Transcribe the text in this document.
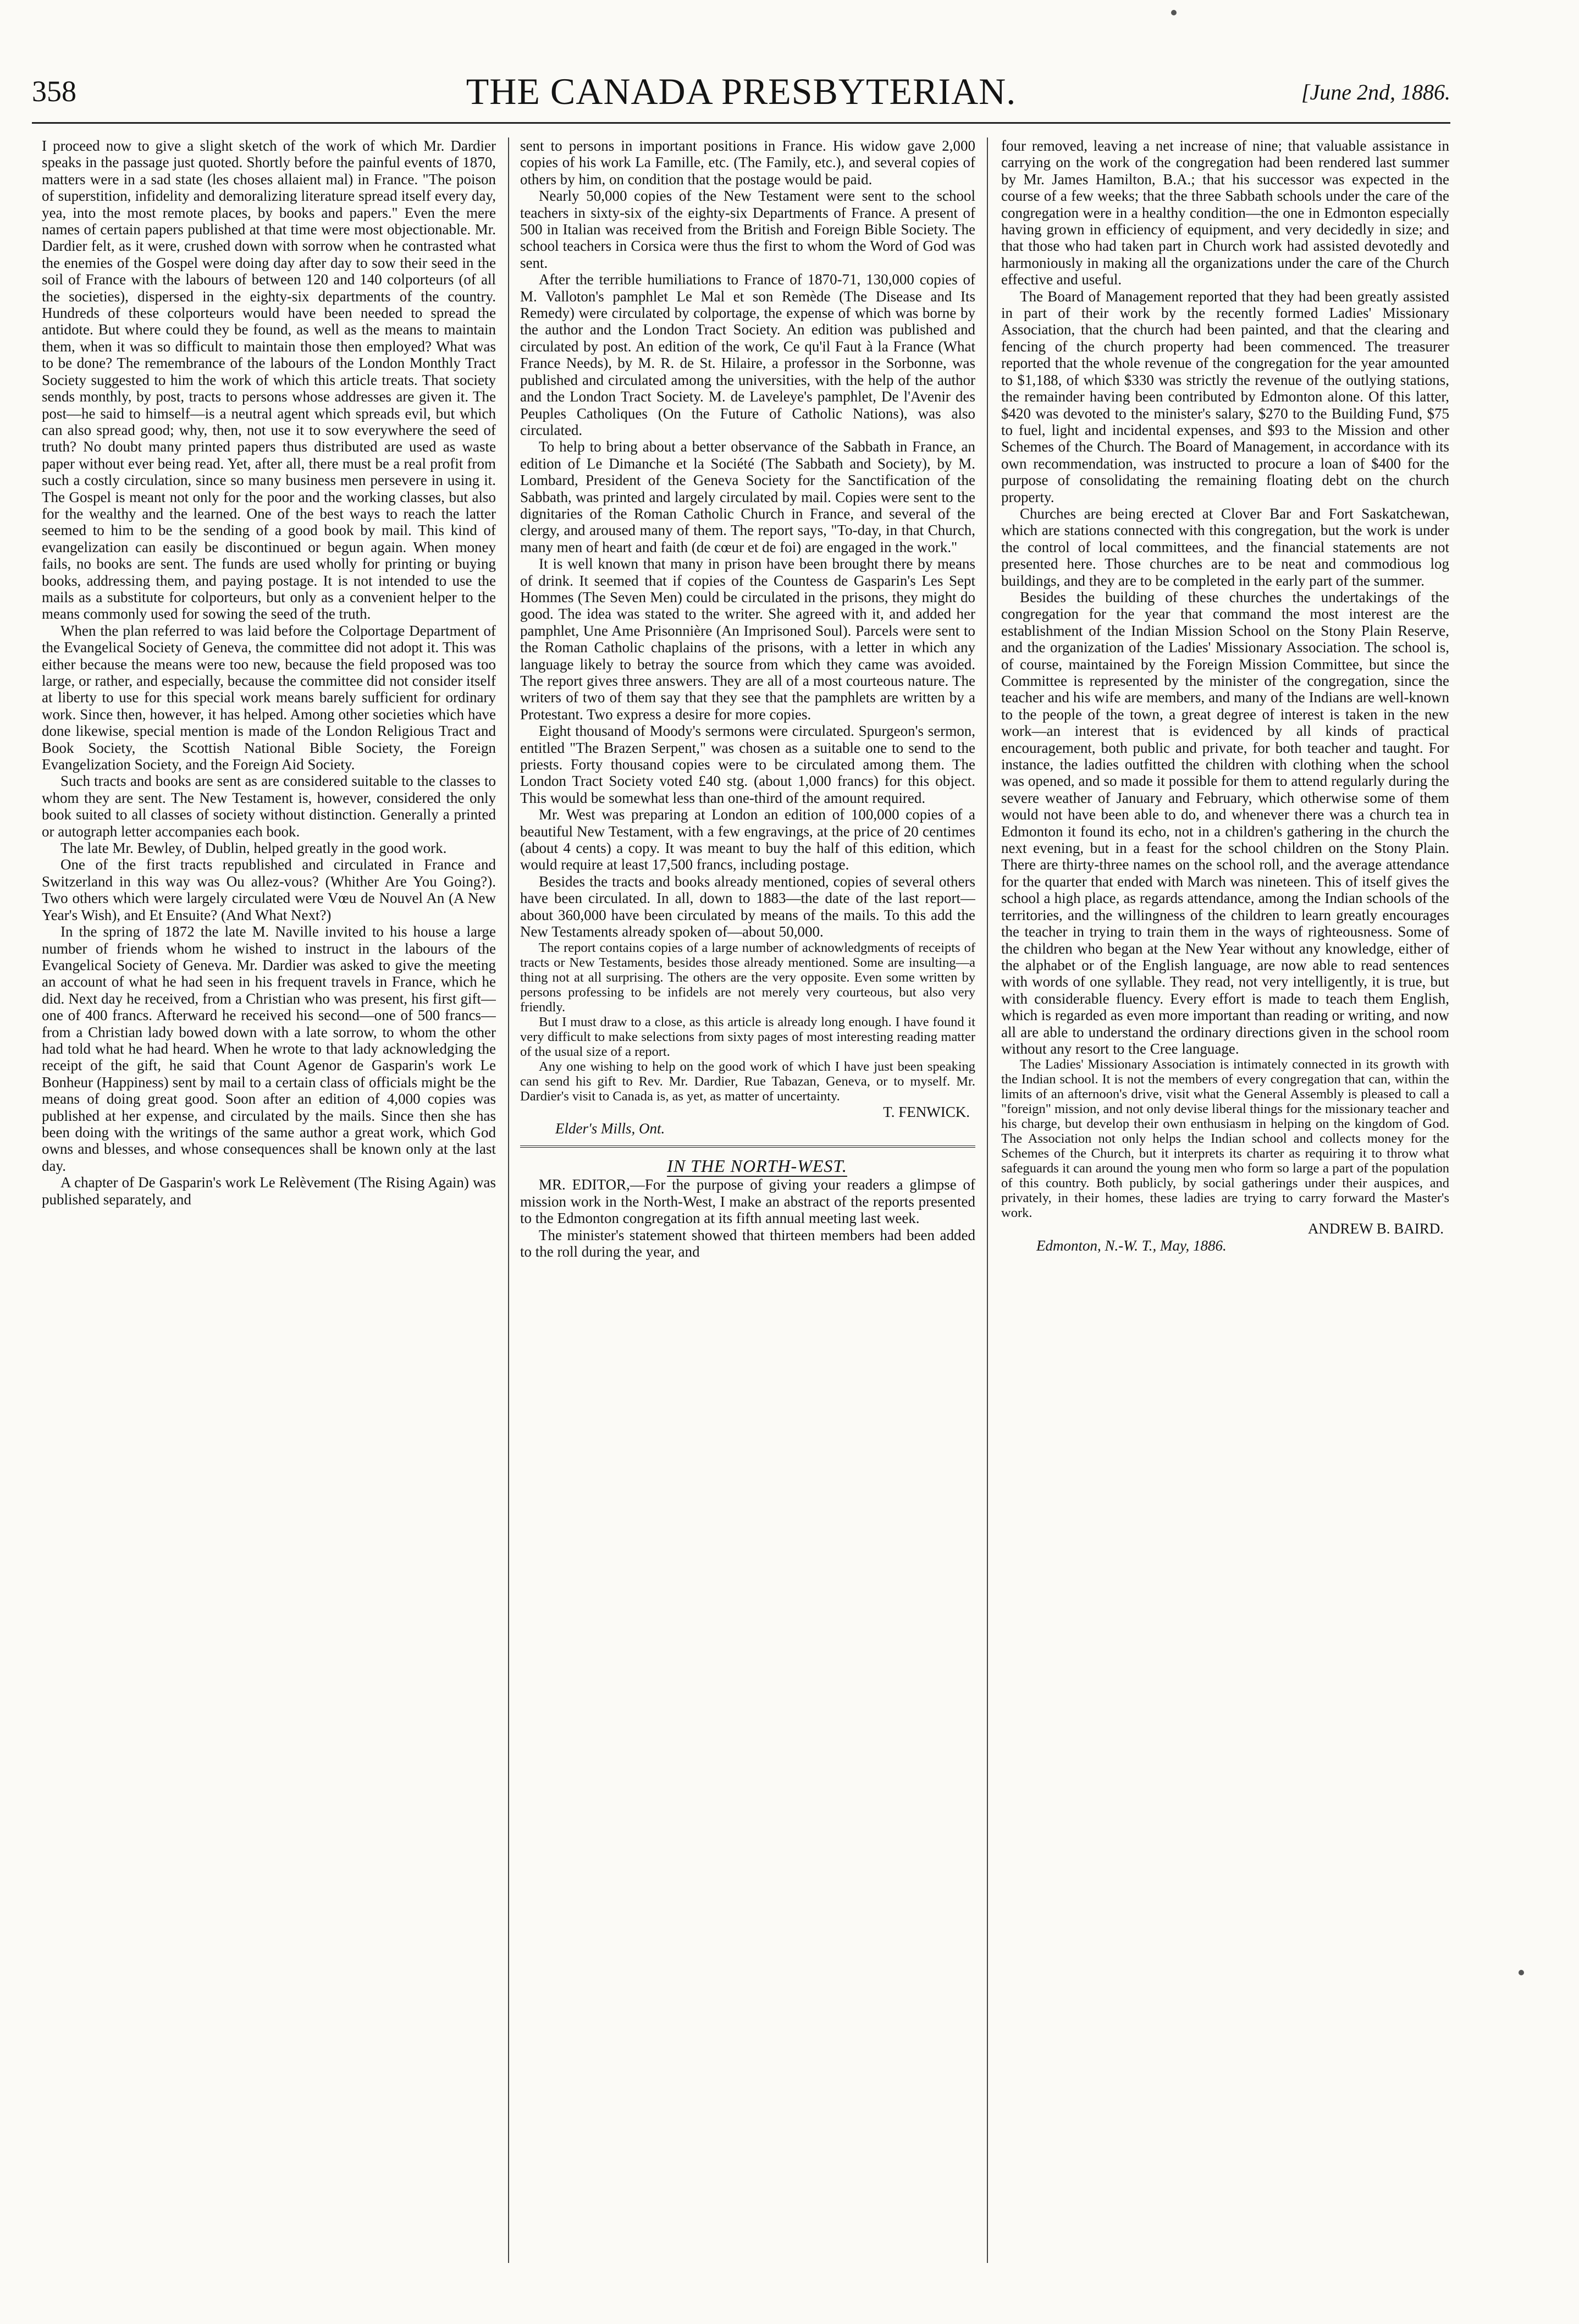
358	THE CANADA PRESBYTERIAN.	[June 2nd, 1886.

I proceed now to give a slight sketch of the work of which Mr. Dardier speaks in the passage just quoted. Shortly before the painful events of 1870, matters were in a sad state (les choses allaient mal) in France. "The poison of superstition, infidelity and demoralizing literature spread itself every day, yea, into the most remote places, by books and papers." Even the mere names of certain papers published at that time were most objectionable. Mr. Dardier felt, as it were, crushed down with sorrow when he contrasted what the enemies of the Gospel were doing day after day to sow their seed in the soil of France with the labours of between 120 and 140 colporteurs (of all the societies), dispersed in the eighty-six departments of the country. Hundreds of these colporteurs would have been needed to spread the antidote. But where could they be found, as well as the means to maintain them, when it was so difficult to maintain those then employed? What was to be done? The remembrance of the labours of the London Monthly Tract Society suggested to him the work of which this article treats. That society sends monthly, by post, tracts to persons whose addresses are given it. The post—he said to himself—is a neutral agent which spreads evil, but which can also spread good; why, then, not use it to sow everywhere the seed of truth? No doubt many printed papers thus distributed are used as waste paper without ever being read. Yet, after all, there must be a real profit from such a costly circulation, since so many business men persevere in using it. The Gospel is meant not only for the poor and the working classes, but also for the wealthy and the learned. One of the best ways to reach the latter seemed to him to be the sending of a good book by mail. This kind of evangelization can easily be discontinued or begun again. When money fails, no books are sent. The funds are used wholly for printing or buying books, addressing them, and paying postage. It is not intended to use the mails as a substitute for colporteurs, but only as a convenient helper to the means commonly used for sowing the seed of the truth.

When the plan referred to was laid before the Colportage Department of the Evangelical Society of Geneva, the committee did not adopt it. This was either because the means were too new, because the field proposed was too large, or rather, and especially, because the committee did not consider itself at liberty to use for this special work means barely sufficient for ordinary work. Since then, however, it has helped. Among other societies which have done likewise, special mention is made of the London Religious Tract and Book Society, the Scottish National Bible Society, the Foreign Evangelization Society, and the Foreign Aid Society.

Such tracts and books are sent as are considered suitable to the classes to whom they are sent. The New Testament is, however, considered the only book suited to all classes of society without distinction. Generally a printed or autograph letter accompanies each book.

The late Mr. Bewley, of Dublin, helped greatly in the good work.

One of the first tracts republished and circulated in France and Switzerland in this way was Ou allez-vous? (Whither Are You Going?). Two others which were largely circulated were Vœu de Nouvel An (A New Year's Wish), and Et Ensuite? (And What Next?)

In the spring of 1872 the late M. Naville invited to his house a large number of friends whom he wished to instruct in the labours of the Evangelical Society of Geneva. Mr. Dardier was asked to give the meeting an account of what he had seen in his frequent travels in France, which he did. Next day he received, from a Christian who was present, his first gift—one of 400 francs. Afterward he received his second—one of 500 francs—from a Christian lady bowed down with a late sorrow, to whom the other had told what he had heard. When he wrote to that lady acknowledging the receipt of the gift, he said that Count Agenor de Gasparin's work Le Bonheur (Happiness) sent by mail to a certain class of officials might be the means of doing great good. Soon after an edition of 4,000 copies was published at her expense, and circulated by the mails. Since then she has been doing with the writings of the same author a great work, which God owns and blesses, and whose consequences shall be known only at the last day.

A chapter of De Gasparin's work Le Relèvement (The Rising Again) was published separately, and

sent to persons in important positions in France. His widow gave 2,000 copies of his work La Famille, etc. (The Family, etc.), and several copies of others by him, on condition that the postage would be paid.

Nearly 50,000 copies of the New Testament were sent to the school teachers in sixty-six of the eighty-six Departments of France. A present of 500 in Italian was received from the British and Foreign Bible Society. The school teachers in Corsica were thus the first to whom the Word of God was sent.

After the terrible humiliations to France of 1870-71, 130,000 copies of M. Valloton's pamphlet Le Mal et son Remède (The Disease and Its Remedy) were circulated by colportage, the expense of which was borne by the author and the London Tract Society. An edition was published and circulated by post. An edition of the work, Ce qu'il Faut à la France (What France Needs), by M. R. de St. Hilaire, a professor in the Sorbonne, was published and circulated among the universities, with the help of the author and the London Tract Society. M. de Laveleye's pamphlet, De l'Avenir des Peuples Catholiques (On the Future of Catholic Nations), was also circulated.

To help to bring about a better observance of the Sabbath in France, an edition of Le Dimanche et la Société (The Sabbath and Society), by M. Lombard, President of the Geneva Society for the Sanctification of the Sabbath, was printed and largely circulated by mail. Copies were sent to the dignitaries of the Roman Catholic Church in France, and several of the clergy, and aroused many of them. The report says, "To-day, in that Church, many men of heart and faith (de cœur et de foi) are engaged in the work."

It is well known that many in prison have been brought there by means of drink. It seemed that if copies of the Countess de Gasparin's Les Sept Hommes (The Seven Men) could be circulated in the prisons, they might do good. The idea was stated to the writer. She agreed with it, and added her pamphlet, Une Ame Prisonnière (An Imprisoned Soul). Parcels were sent to the Roman Catholic chaplains of the prisons, with a letter in which any language likely to betray the source from which they came was avoided. The report gives three answers. They are all of a most courteous nature. The writers of two of them say that they see that the pamphlets are written by a Protestant. Two express a desire for more copies.

Eight thousand of Moody's sermons were circulated. Spurgeon's sermon, entitled "The Brazen Serpent," was chosen as a suitable one to send to the priests. Forty thousand copies were to be circulated among them. The London Tract Society voted £40 stg. (about 1,000 francs) for this object. This would be somewhat less than one-third of the amount required.

Mr. West was preparing at London an edition of 100,000 copies of a beautiful New Testament, with a few engravings, at the price of 20 centimes (about 4 cents) a copy. It was meant to buy the half of this edition, which would require at least 17,500 francs, including postage.

Besides the tracts and books already mentioned, copies of several others have been circulated. In all, down to 1883—the date of the last report—about 360,000 have been circulated by means of the mails. To this add the New Testaments already spoken of—about 50,000.

The report contains copies of a large number of acknowledgments of receipts of tracts or New Testaments, besides those already mentioned. Some are insulting—a thing not at all surprising. The others are the very opposite. Even some written by persons professing to be infidels are not merely very courteous, but also very friendly.

But I must draw to a close, as this article is already long enough. I have found it very difficult to make selections from sixty pages of most interesting reading matter of the usual size of a report.

Any one wishing to help on the good work of which I have just been speaking can send his gift to Rev. Mr. Dardier, Rue Tabazan, Geneva, or to myself. Mr. Dardier's visit to Canada is, as yet, as matter of uncertainty.

T. FENWICK.

Elder's Mills, Ont.

IN THE NORTH-WEST.

MR. EDITOR,—For the purpose of giving your readers a glimpse of mission work in the North-West, I make an abstract of the reports presented to the Edmonton congregation at its fifth annual meeting last week.

The minister's statement showed that thirteen members had been added to the roll during the year, and

four removed, leaving a net increase of nine; that valuable assistance in carrying on the work of the congregation had been rendered last summer by Mr. James Hamilton, B.A.; that his successor was expected in the course of a few weeks; that the three Sabbath schools under the care of the congregation were in a healthy condition—the one in Edmonton especially having grown in efficiency of equipment, and very decidedly in size; and that those who had taken part in Church work had assisted devotedly and harmoniously in making all the organizations under the care of the Church effective and useful.

The Board of Management reported that they had been greatly assisted in part of their work by the recently formed Ladies' Missionary Association, that the church had been painted, and that the clearing and fencing of the church property had been commenced. The treasurer reported that the whole revenue of the congregation for the year amounted to $1,188, of which $330 was strictly the revenue of the outlying stations, the remainder having been contributed by Edmonton alone. Of this latter, $420 was devoted to the minister's salary, $270 to the Building Fund, $75 to fuel, light and incidental expenses, and $93 to the Mission and other Schemes of the Church. The Board of Management, in accordance with its own recommendation, was instructed to procure a loan of $400 for the purpose of consolidating the remaining floating debt on the church property.

Churches are being erected at Clover Bar and Fort Saskatchewan, which are stations connected with this congregation, but the work is under the control of local committees, and the financial statements are not presented here. Those churches are to be neat and commodious log buildings, and they are to be completed in the early part of the summer.

Besides the building of these churches the undertakings of the congregation for the year that command the most interest are the establishment of the Indian Mission School on the Stony Plain Reserve, and the organization of the Ladies' Missionary Association. The school is, of course, maintained by the Foreign Mission Committee, but since the Committee is represented by the minister of the congregation, since the teacher and his wife are members, and many of the Indians are well-known to the people of the town, a great degree of interest is taken in the new work—an interest that is evidenced by all kinds of practical encouragement, both public and private, for both teacher and taught. For instance, the ladies outfitted the children with clothing when the school was opened, and so made it possible for them to attend regularly during the severe weather of January and February, which otherwise some of them would not have been able to do, and whenever there was a church tea in Edmonton it found its echo, not in a children's gathering in the church the next evening, but in a feast for the school children on the Stony Plain. There are thirty-three names on the school roll, and the average attendance for the quarter that ended with March was nineteen. This of itself gives the school a high place, as regards attendance, among the Indian schools of the territories, and the willingness of the children to learn greatly encourages the teacher in trying to train them in the ways of righteousness. Some of the children who began at the New Year without any knowledge, either of the alphabet or of the English language, are now able to read sentences with words of one syllable. They read, not very intelligently, it is true, but with considerable fluency. Every effort is made to teach them English, which is regarded as even more important than reading or writing, and now all are able to understand the ordinary directions given in the school room without any resort to the Cree language.

The Ladies' Missionary Association is intimately connected in its growth with the Indian school. It is not the members of every congregation that can, within the limits of an afternoon's drive, visit what the General Assembly is pleased to call a "foreign" mission, and not only devise liberal things for the missionary teacher and his charge, but develop their own enthusiasm in helping on the kingdom of God. The Association not only helps the Indian school and collects money for the Schemes of the Church, but it interprets its charter as requiring it to throw what safeguards it can around the young men who form so large a part of the population of this country. Both publicly, by social gatherings under their auspices, and privately, in their homes, these ladies are trying to carry forward the Master's work.

ANDREW B. BAIRD.

Edmonton, N.-W. T., May, 1886.
